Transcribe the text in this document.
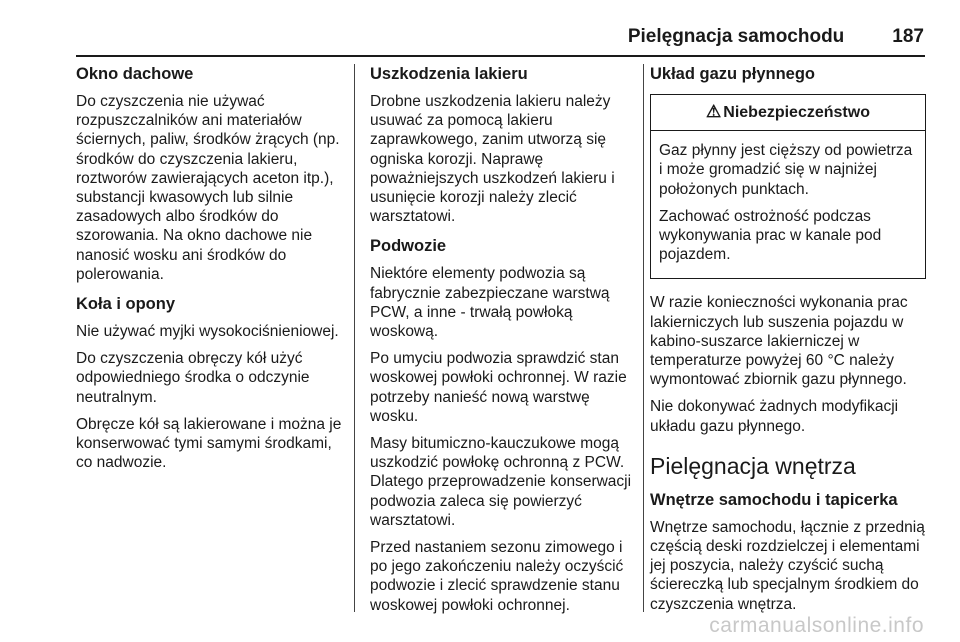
Pielęgnacja samochodu	187
Okno dachowe

Do czyszczenia nie używać rozpuszczalników ani materiałów ściernych, paliw, środków żrących (np. środków do czyszczenia lakieru, roztworów zawierających aceton itp.), substancji kwasowych lub silnie zasadowych albo środków do szorowania. Na okno dachowe nie nanosić wosku ani środków do polerowania.

Koła i opony

Nie używać myjki wysokociśnieniowej.

Do czyszczenia obręczy kół użyć odpowiedniego środka o odczynie neutralnym.

Obręcze kół są lakierowane i można je konserwować tymi samymi środkami, co nadwozie.

Uszkodzenia lakieru

Drobne uszkodzenia lakieru należy usuwać za pomocą lakieru zaprawkowego, zanim utworzą się ogniska korozji. Naprawę poważniejszych uszkodzeń lakieru i usunięcie korozji należy zlecić warsztatowi.

Podwozie

Niektóre elementy podwozia są fabrycznie zabezpieczane warstwą PCW, a inne - trwałą powłoką woskową.

Po umyciu podwozia sprawdzić stan woskowej powłoki ochronnej. W razie potrzeby nanieść nową warstwę wosku.

Masy bitumiczno-kauczukowe mogą uszkodzić powłokę ochronną z PCW. Dlatego przeprowadzenie konserwacji podwozia zaleca się powierzyć warsztatowi.

Przed nastaniem sezonu zimowego i po jego zakończeniu należy oczyścić podwozie i zlecić sprawdzenie stanu woskowej powłoki ochronnej.

Układ gazu płynnego
⚠ Niebezpieczeństwo

Gaz płynny jest cięższy od powietrza i może gromadzić się w najniżej położonych punktach.

Zachować ostrożność podczas wykonywania prac w kanale pod pojazdem.

W razie konieczności wykonania prac lakierniczych lub suszenia pojazdu w kabino-suszarce lakierniczej w temperaturze powyżej 60 °C należy wymontować zbiornik gazu płynnego.

Nie dokonywać żadnych modyfikacji układu gazu płynnego.

Pielęgnacja wnętrza
Wnętrze samochodu i tapicerka

Wnętrze samochodu, łącznie z przednią częścią deski rozdzielczej i elementami jej poszycia, należy czyścić suchą ściereczką lub specjalnym środkiem do czyszczenia wnętrza.

carmanualsonline.info
